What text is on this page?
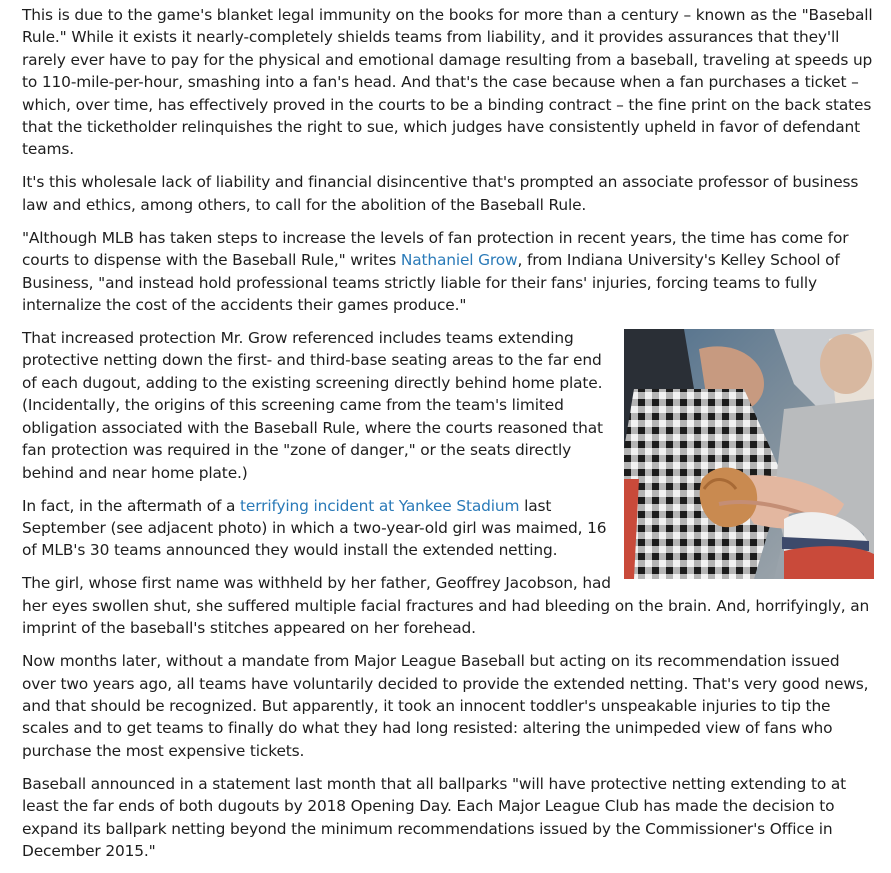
This is due to the game's blanket legal immunity on the books for more than a century – known as the "Baseball Rule." While it exists it nearly-completely shields teams from liability, and it provides assurances that they'll rarely ever have to pay for the physical and emotional damage resulting from a baseball, traveling at speeds up to 110-mile-per-hour, smashing into a fan's head. And that's the case because when a fan purchases a ticket – which, over time, has effectively proved in the courts to be a binding contract – the fine print on the back states that the ticketholder relinquishes the right to sue, which judges have consistently upheld in favor of defendant teams.

It's this wholesale lack of liability and financial disincentive that's prompted an associate professor of business law and ethics, among others, to call for the abolition of the Baseball Rule.

"Although MLB has taken steps to increase the levels of fan protection in recent years, the time has come for courts to dispense with the Baseball Rule," writes Nathaniel Grow, from Indiana University's Kelley School of Business, "and instead hold professional teams strictly liable for their fans' injuries, forcing teams to fully internalize the cost of the accidents their games produce."

That increased protection Mr. Grow referenced includes teams extending protective netting down the first- and third-base seating areas to the far end of each dugout, adding to the existing screening directly behind home plate. (Incidentally, the origins of this screening came from the team's limited obligation associated with the Baseball Rule, where the courts reasoned that fan protection was required in the "zone of danger," or the seats directly behind and near home plate.)

In fact, in the aftermath of a terrifying incident at Yankee Stadium last September (see adjacent photo) in which a two-year-old girl was maimed, 16 of MLB's 30 teams announced they would install the extended netting.

The girl, whose first name was withheld by her father, Geoffrey Jacobson, had her eyes swollen shut, she suffered multiple facial fractures and had bleeding on the brain. And, horrifyingly, an imprint of the baseball's stitches appeared on her forehead.

Now months later, without a mandate from Major League Baseball but acting on its recommendation issued over two years ago, all teams have voluntarily decided to provide the extended netting. That's very good news, and that should be recognized. But apparently, it took an innocent toddler's unspeakable injuries to tip the scales and to get teams to finally do what they had long resisted: altering the unimpeded view of fans who purchase the most expensive tickets.

Baseball announced in a statement last month that all ballparks "will have protective netting extending to at least the far ends of both dugouts by 2018 Opening Day. Each Major League Club has made the decision to expand its ballpark netting beyond the minimum recommendations issued by the Commissioner's Office in December 2015."
